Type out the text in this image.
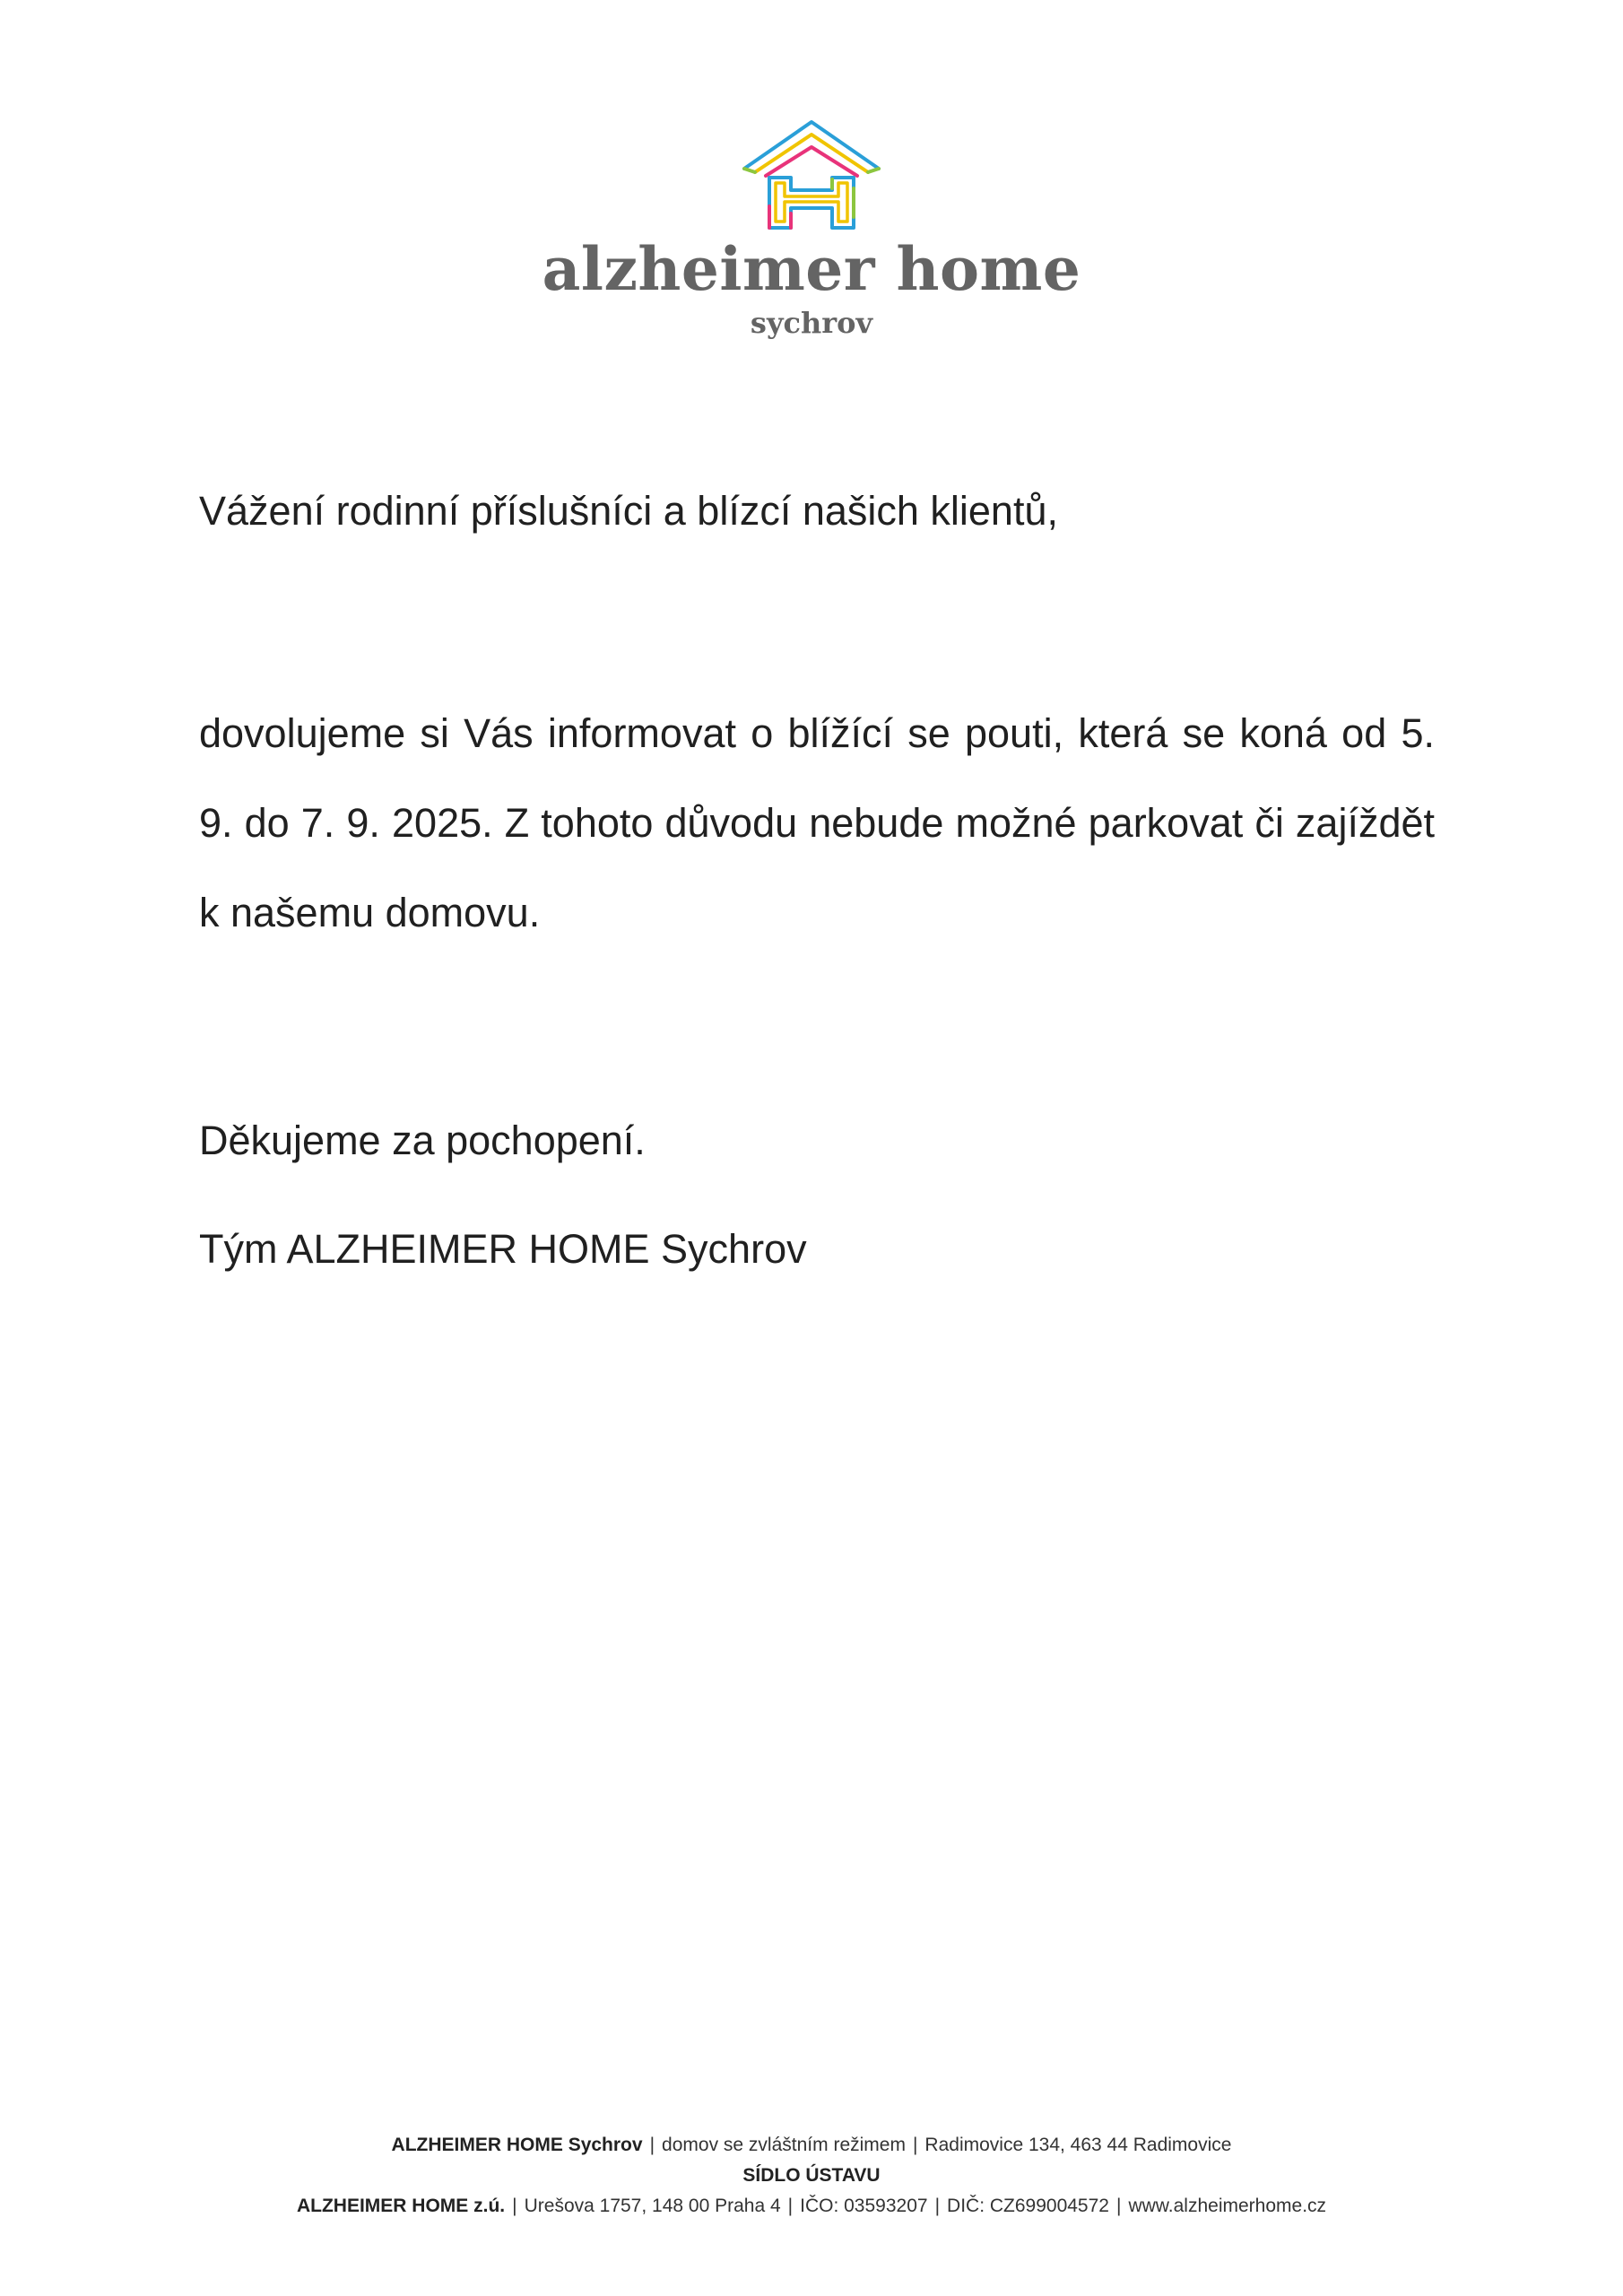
alzheimer home
sychrov

Vážení rodinní příslušníci a blízcí našich klientů,

dovolujeme si Vás informovat o blížící se pouti, která se koná od 5. 9. do 7. 9. 2025. Z tohoto důvodu nebude možné parkovat či zajíždět k našemu domovu.

Děkujeme za pochopení.

Tým ALZHEIMER HOME Sychrov

ALZHEIMER HOME Sychrov | domov se zvláštním režimem | Radimovice 134, 463 44 Radimovice
SÍDLO ÚSTAVU
ALZHEIMER HOME z.ú. | Urešova 1757, 148 00 Praha 4 | IČO: 03593207 | DIČ: CZ699004572 | www.alzheimerhome.cz
